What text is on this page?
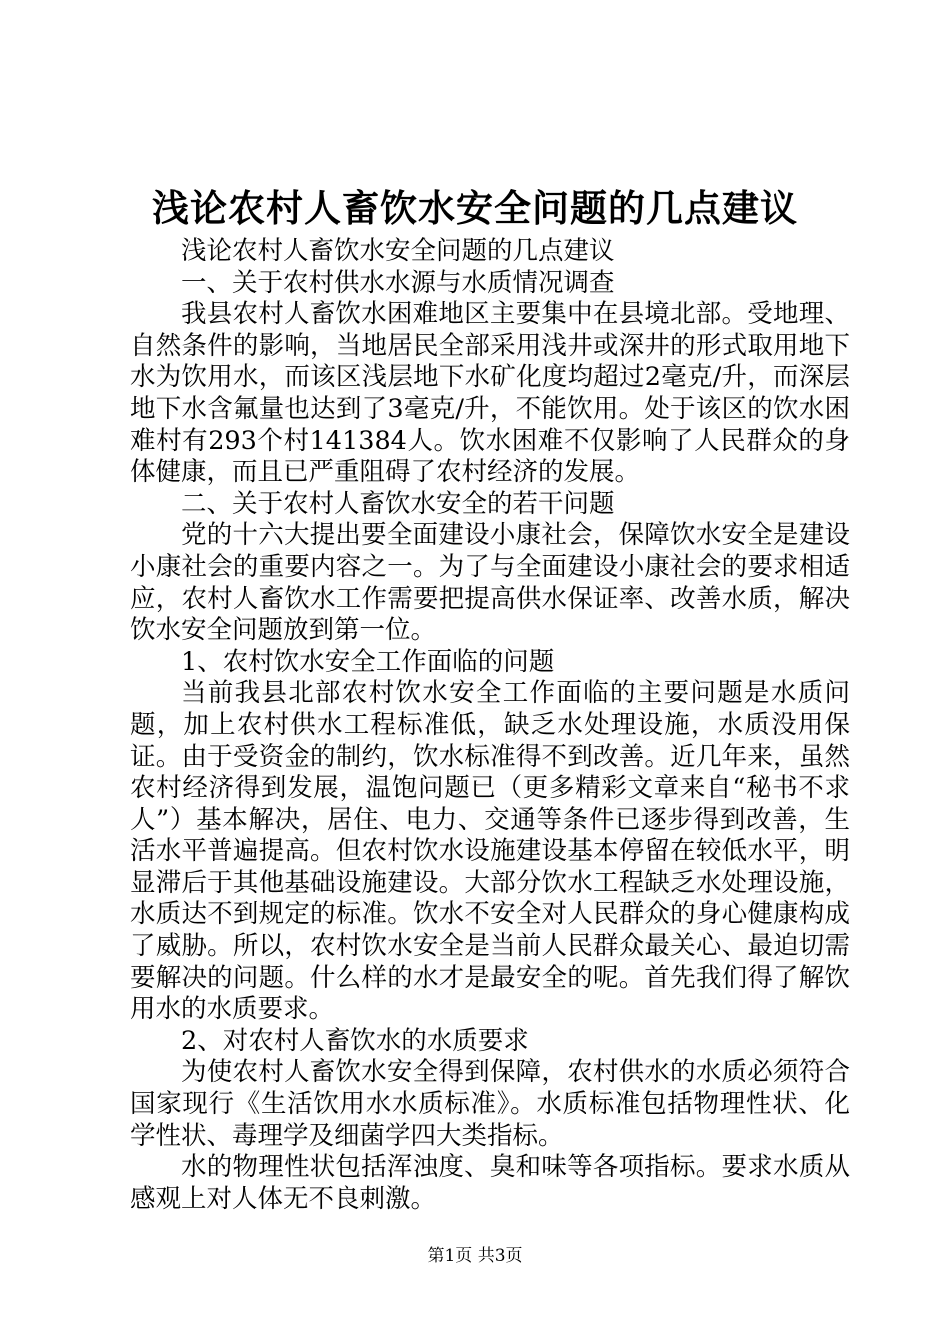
浅论农村人畜饮水安全问题的几点建议

浅论农村人畜饮水安全问题的几点建议

一、关于农村供水水源与水质情况调查

我县农村人畜饮水困难地区主要集中在县境北部。受地理、自然条件的影响，当地居民全部采用浅井或深井的形式取用地下水为饮用水，而该区浅层地下水矿化度均超过2毫克/升，而深层地下水含氟量也达到了3毫克/升，不能饮用。处于该区的饮水困难村有293个村141384人。饮水困难不仅影响了人民群众的身体健康，而且已严重阻碍了农村经济的发展。

二、关于农村人畜饮水安全的若干问题

党的十六大提出要全面建设小康社会，保障饮水安全是建设小康社会的重要内容之一。为了与全面建设小康社会的要求相适应，农村人畜饮水工作需要把提高供水保证率、改善水质，解决饮水安全问题放到第一位。

1、农村饮水安全工作面临的问题

当前我县北部农村饮水安全工作面临的主要问题是水质问题，加上农村供水工程标准低，缺乏水处理设施，水质没用保证。由于受资金的制约，饮水标准得不到改善。近几年来，虽然农村经济得到发展，温饱问题已（更多精彩文章来自“秘书不求人”）基本解决，居住、电力、交通等条件已逐步得到改善，生活水平普遍提高。但农村饮水设施建设基本停留在较低水平，明显滞后于其他基础设施建设。大部分饮水工程缺乏水处理设施，水质达不到规定的标准。饮水不安全对人民群众的身心健康构成了威胁。所以，农村饮水安全是当前人民群众最关心、最迫切需要解决的问题。什么样的水才是最安全的呢。首先我们得了解饮用水的水质要求。

2、对农村人畜饮水的水质要求

为使农村人畜饮水安全得到保障，农村供水的水质必须符合国家现行《生活饮用水水质标准》。水质标准包括物理性状、化学性状、毒理学及细菌学四大类指标。

水的物理性状包括浑浊度、臭和味等各项指标。要求水质从感观上对人体无不良刺激。

第1页 共3页
